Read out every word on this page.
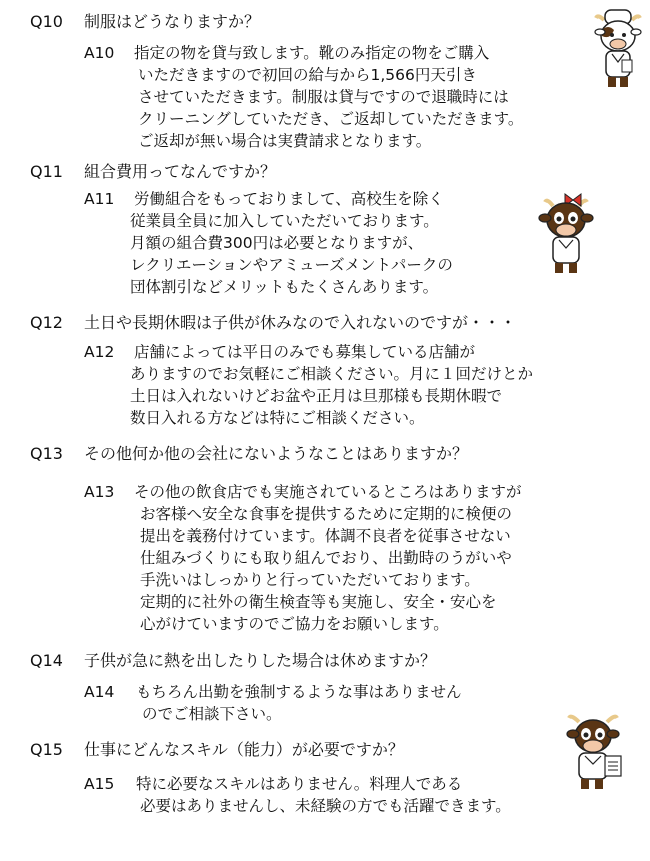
Q10 制服はどうなりますか？
A10 指定の物を貸与致します。靴のみ指定の物をご購入
いただきますので初回の給与から1,566円天引き
させていただきます。制服は貸与ですので退職時には
クリーニングしていただき、ご返却していただきます。
ご返却が無い場合は実費請求となります。
Q11 組合費用ってなんですか？
A11 労働組合をもっておりまして、高校生を除く
従業員全員に加入していただいております。
月額の組合費300円は必要となりますが、
レクリエーションやアミューズメントパークの
団体割引などメリットもたくさんあります。
Q12 土日や長期休暇は子供が休みなので入れないのですが・・・
A12 店舗によっては平日のみでも募集している店舗が
ありますのでお気軽にご相談ください。月に１回だけとか
土日は入れないけどお盆や正月は旦那様も長期休暇で
数日入れる方などは特にご相談ください。
Q13 その他何か他の会社にないようなことはありますか？
A13 その他の飲食店でも実施されているところはありますが
お客様へ安全な食事を提供するために定期的に検便の
提出を義務付けています。体調不良者を従事させない
仕組みづくりにも取り組んでおり、出勤時のうがいや
手洗いはしっかりと行っていただいております。
定期的に社外の衛生検査等も実施し、安全・安心を
心がけていますのでご協力をお願いします。
Q14 子供が急に熱を出したりした場合は休めますか？
A14 もちろん出勤を強制するような事はありません
のでご相談下さい。
Q15 仕事にどんなスキル（能力）が必要ですか？
A15 特に必要なスキルはありません。料理人である
必要はありませんし、未経験の方でも活躍できます。
